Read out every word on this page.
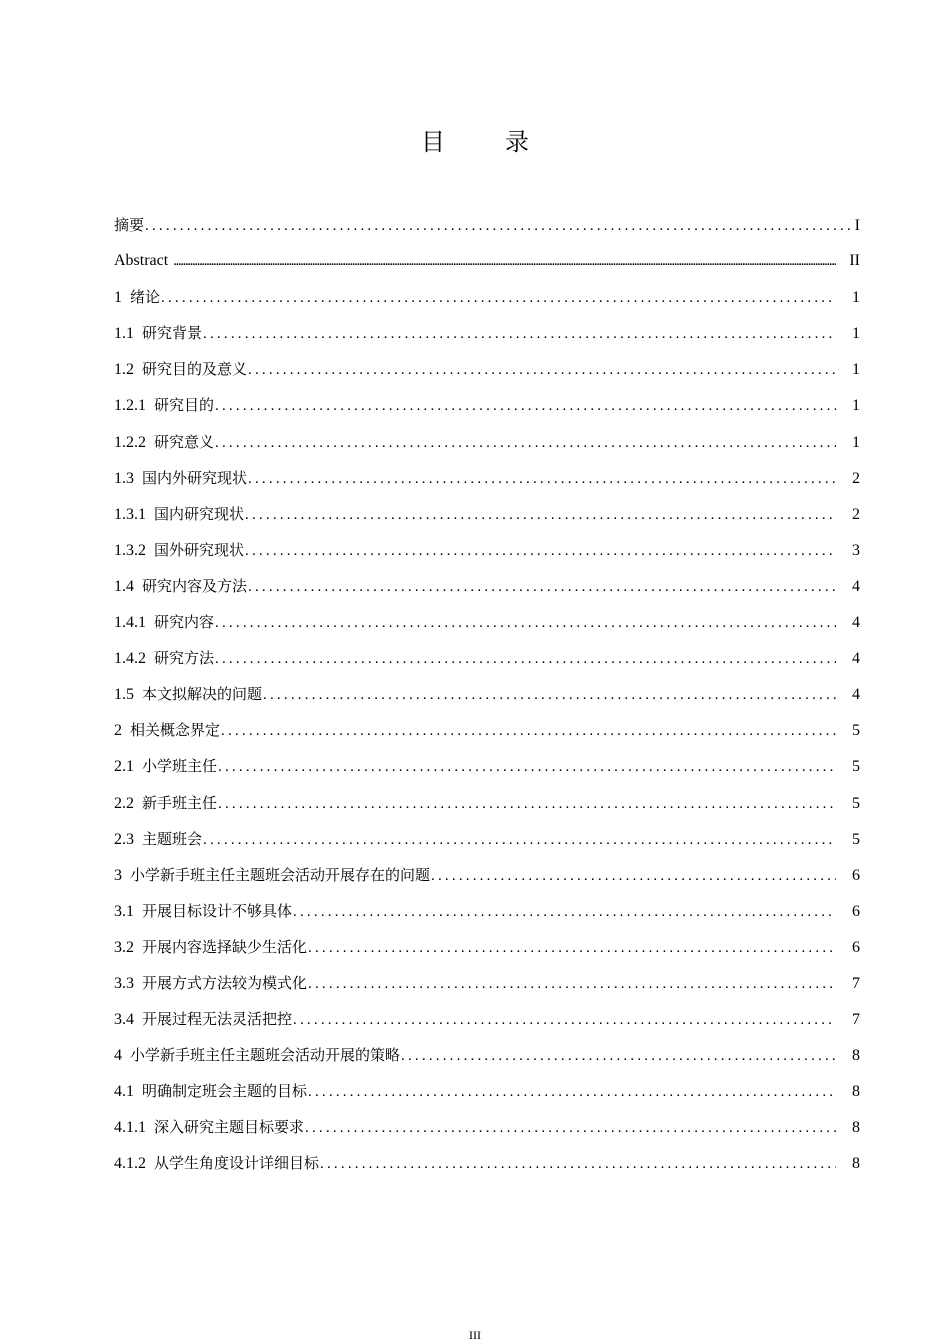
目　录
摘要 .....	I
Abstract .....	II
1 绪论 .....	1
1.1 研究背景 .....	1
1.2 研究目的及意义 .....	1
1.2.1 研究目的 .....	1
1.2.2 研究意义 .....	1
1.3 国内外研究现状 .....	2
1.3.1 国内研究现状 .....	2
1.3.2 国外研究现状 .....	3
1.4 研究内容及方法 .....	4
1.4.1 研究内容 .....	4
1.4.2 研究方法 .....	4
1.5 本文拟解决的问题 .....	4
2 相关概念界定 .....	5
2.1 小学班主任 .....	5
2.2 新手班主任 .....	5
2.3 主题班会 .....	5
3 小学新手班主任主题班会活动开展存在的问题 .....	6
3.1 开展目标设计不够具体 .....	6
3.2 开展内容选择缺少生活化 .....	6
3.3 开展方式方法较为模式化 .....	7
3.4 开展过程无法灵活把控 .....	7
4 小学新手班主任主题班会活动开展的策略 .....	8
4.1 明确制定班会主题的目标 .....	8
4.1.1 深入研究主题目标要求 .....	8
4.1.2 从学生角度设计详细目标 .....	8
III
